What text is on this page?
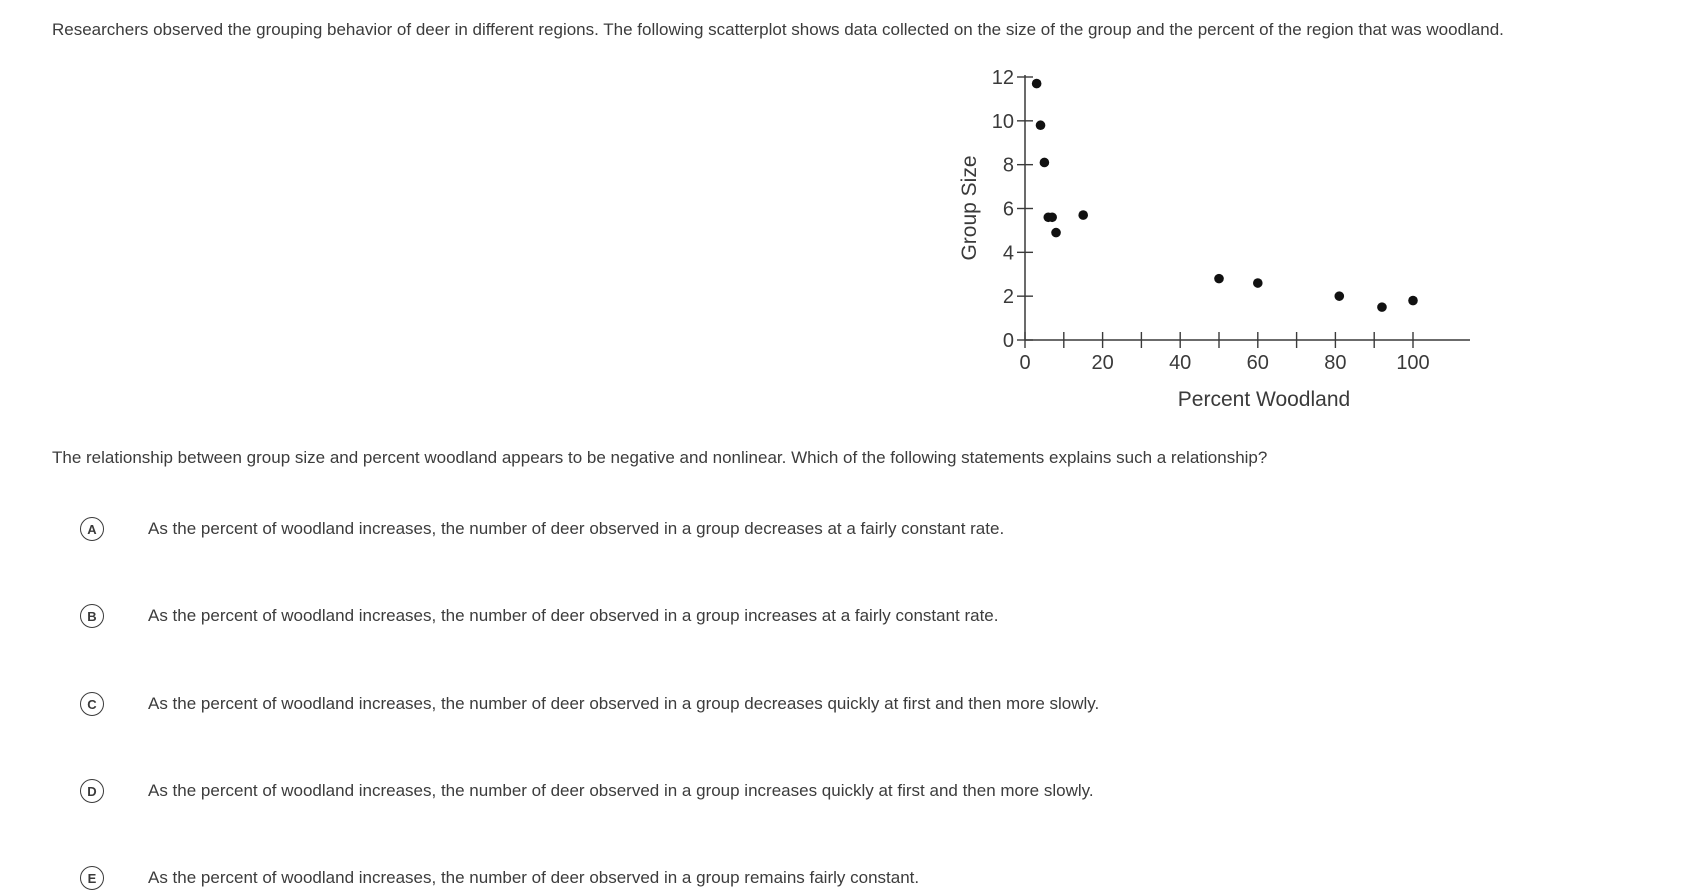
Researchers observed the grouping behavior of deer in different regions. The following scatterplot shows data collected on the size of the group and the percent of the region that was woodland.
0	20	40	60	80 100
0
2
4
6
8
10
12
Percent Woodland
Group Size
The relationship between group size and percent woodland appears to be negative and nonlinear. Which of the following statements explains such a relationship?
A	As the percent of woodland increases, the number of deer observed in a group decreases at a fairly constant rate.
B	As the percent of woodland increases, the number of deer observed in a group increases at a fairly constant rate.
C	As the percent of woodland increases, the number of deer observed in a group decreases quickly at first and then more slowly.
D	As the percent of woodland increases, the number of deer observed in a group increases quickly at first and then more slowly.
E	As the percent of woodland increases, the number of deer observed in a group remains fairly constant.
